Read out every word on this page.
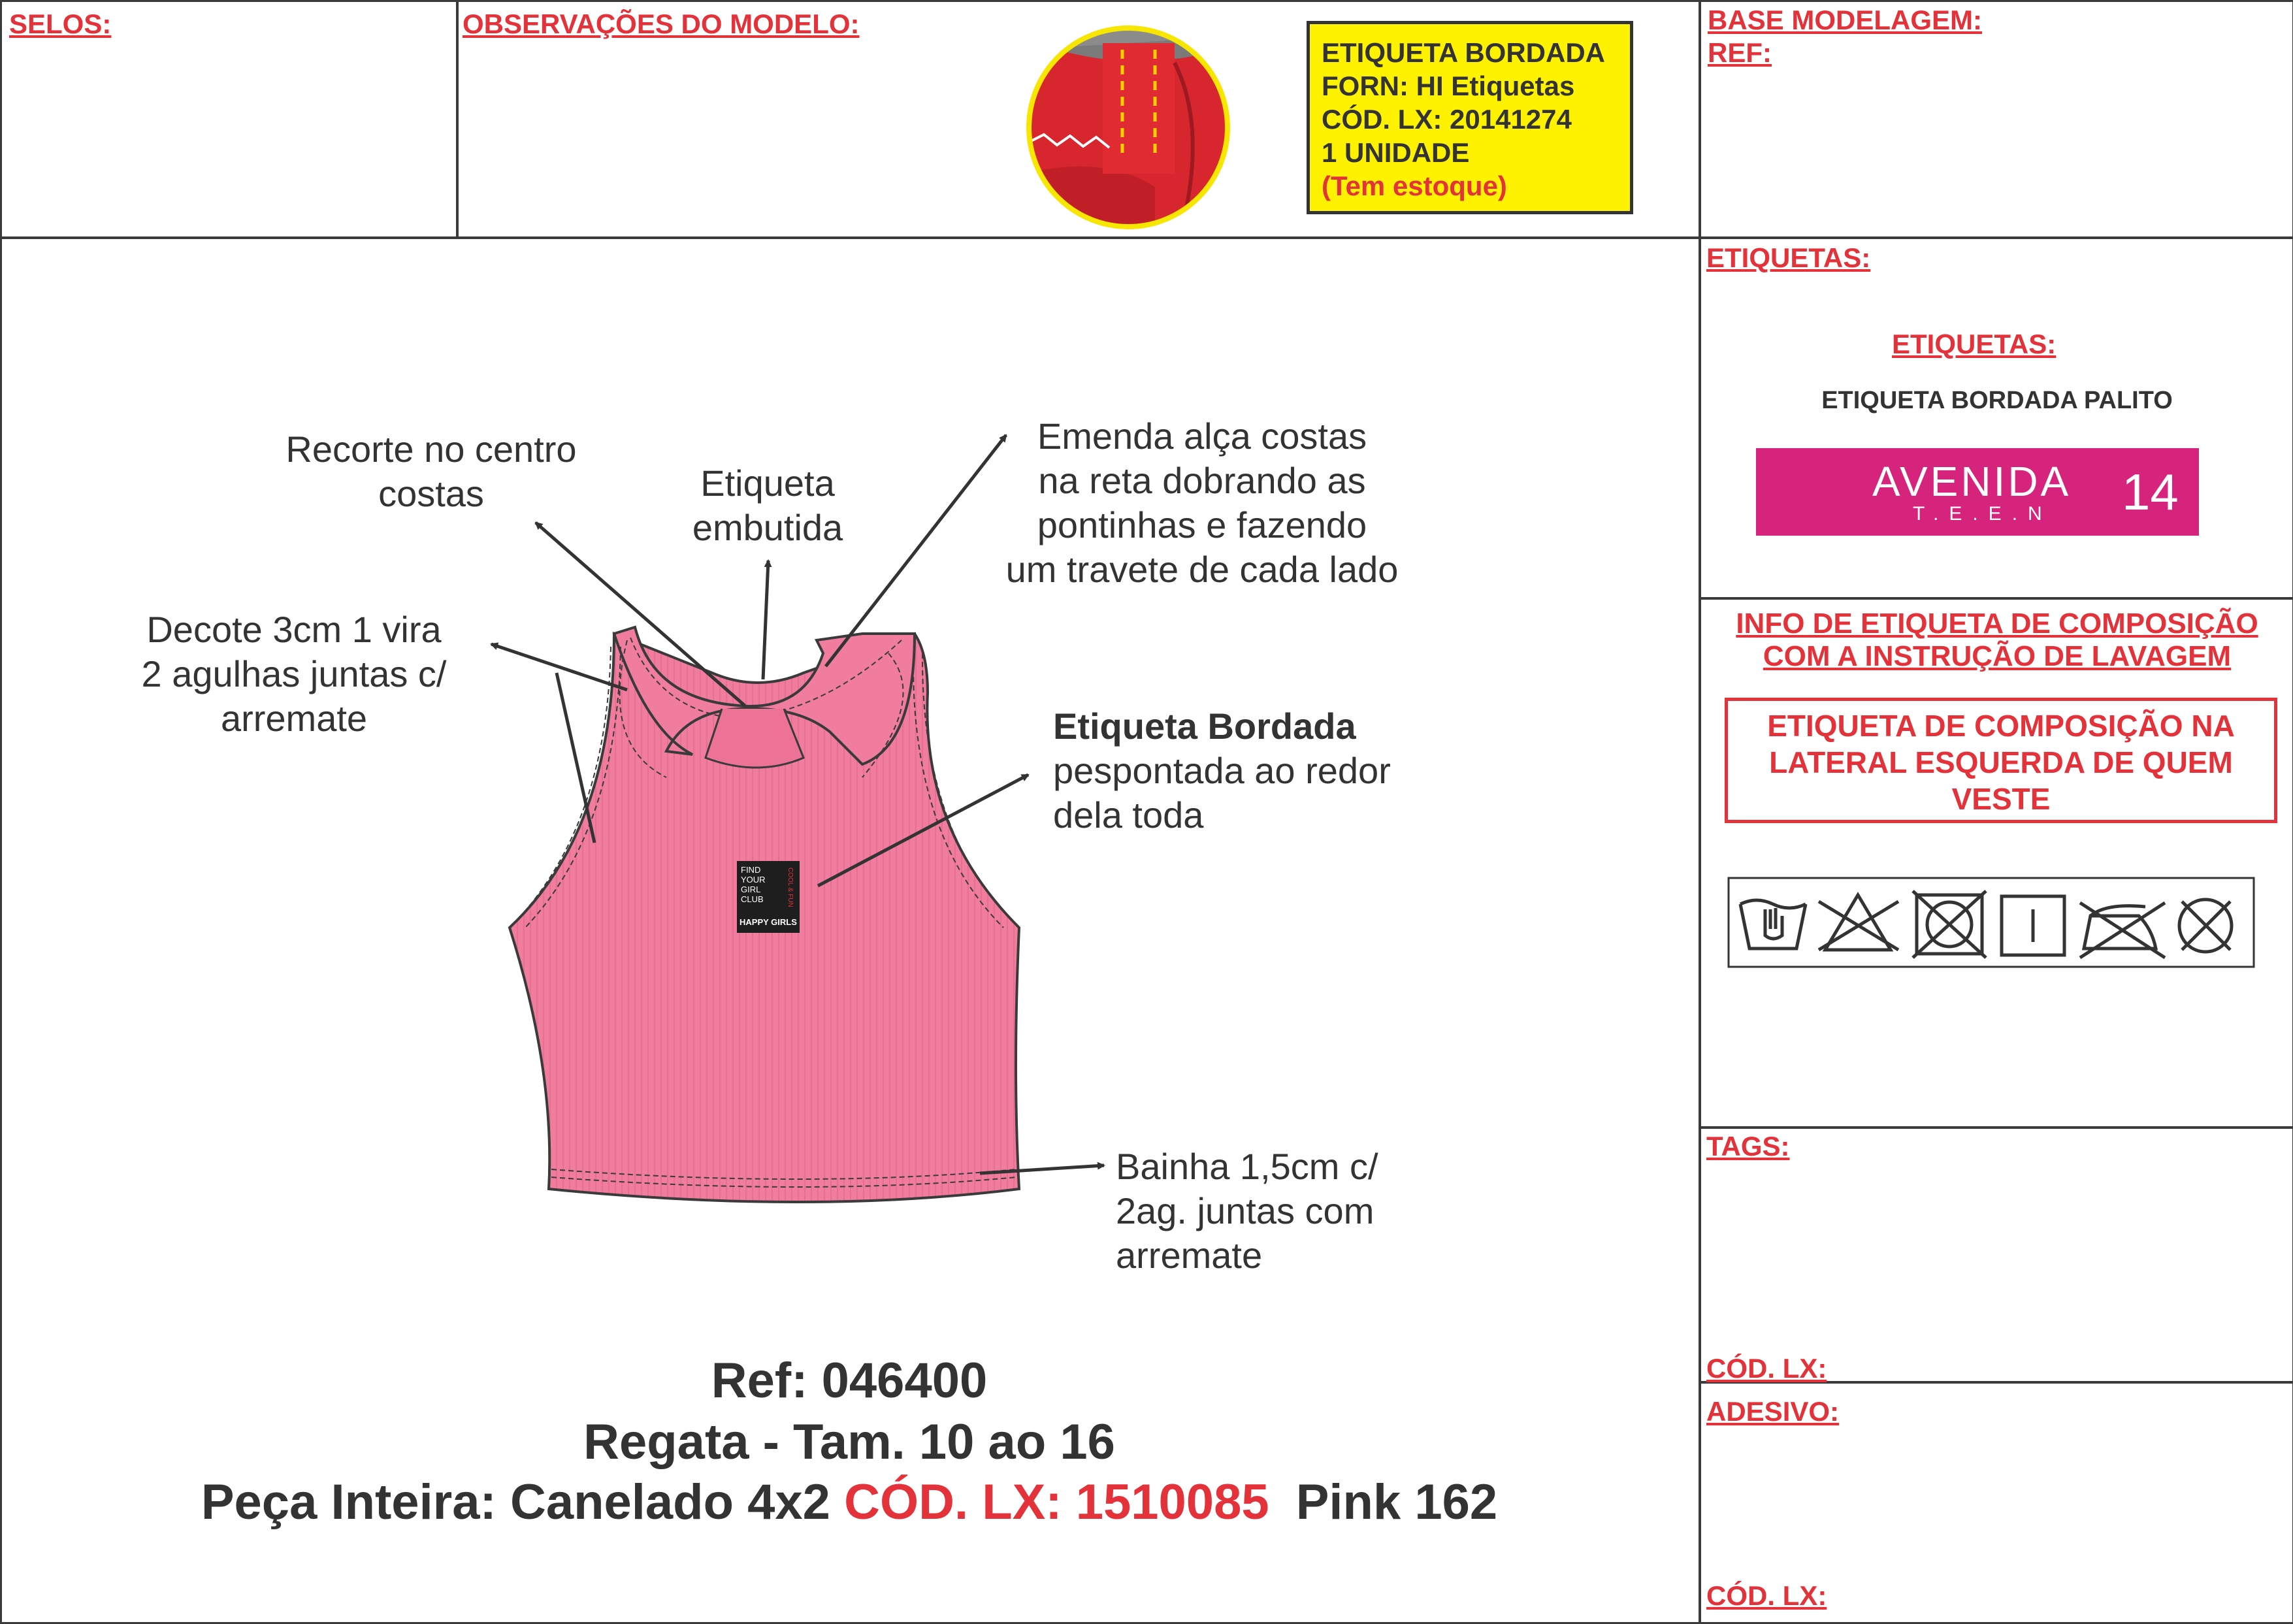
SELOS:	OBSERVAÇÕES DO MODELO:	BASE MODELAGEM:
REF:
ETIQUETA BORDADA
FORN: HI Etiquetas
CÓD. LX: 20141274
1 UNIDADE
(Tem estoque)
FIND
YOUR
GIRL
CLUB	COOL & FUN
HAPPY GIRLS
Recorte no centro
costas	Etiqueta
embutida
Emenda alça costas
na reta dobrando as
pontinhas e fazendo
um travete de cada lado
Decote 3cm 1 vira
2 agulhas juntas c/
arremate	Etiqueta Bordada
pespontada ao redor
dela toda
Bainha 1,5cm c/
2ag. juntas com
arremate
Ref: 046400
Regata - Tam. 10 ao 16
Peça Inteira: Canelado 4x2 CÓD. LX: 1510085 Pink 162
ETIQUETAS:
ETIQUETAS:
ETIQUETA BORDADA PALITO
AVENIDA
T.E.E.N 14
INFO DE ETIQUETA DE COMPOSIÇÃO
COM A INSTRUÇÃO DE LAVAGEM
ETIQUETA DE COMPOSIÇÃO NA
LATERAL ESQUERDA DE QUEM
VESTE
TAGS:
CÓD. LX:
ADESIVO:
CÓD. LX:
